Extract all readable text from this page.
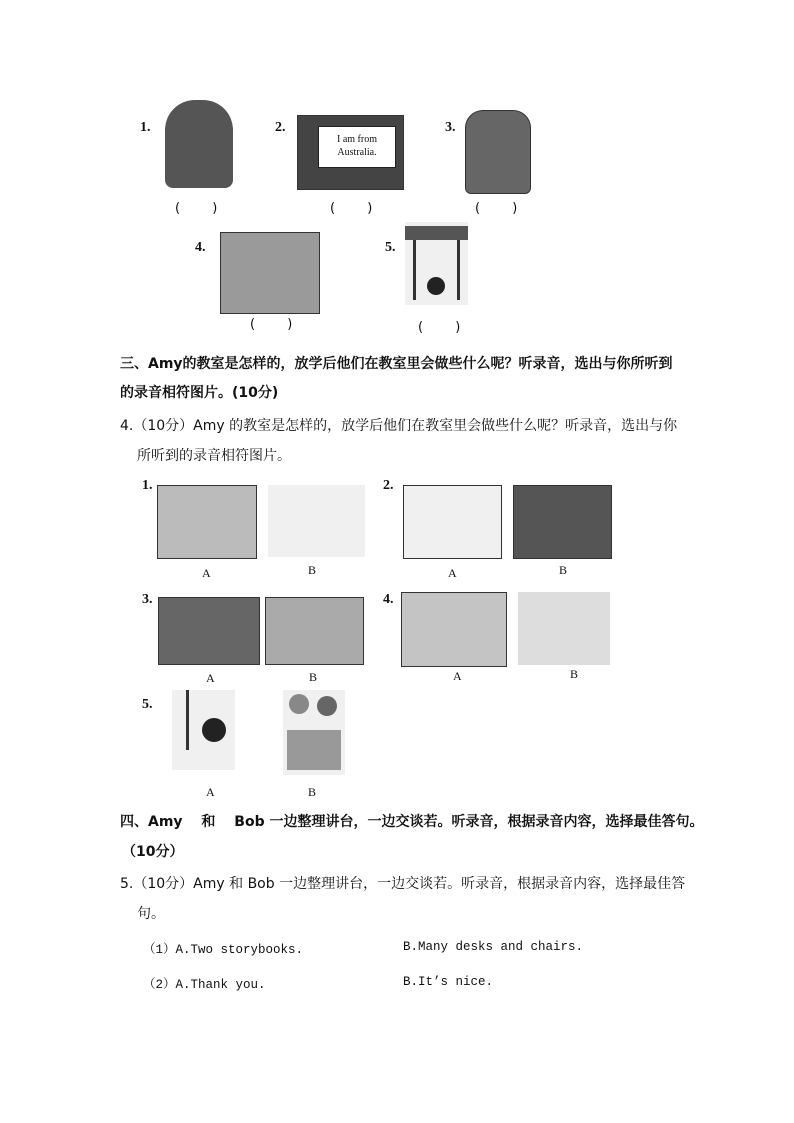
1.
( )
2.
I am from Australia.
( )
3.
( )
4.
( )
5.
( )
三、Amy的教室是怎样的，放学后他们在教室里会做些什么呢？听录音，选出与你所听到
的录音相符图片。(10分)
4.（10分）Amy 的教室是怎样的，放学后他们在教室里会做些什么呢？听录音，选出与你
所听到的录音相符图片。
1.
A	B
2.
A	B
3.
A	B
4.
A	B
5.
A	B
四、Amy　 和　 Bob 一边整理讲台，一边交谈若。听录音，根据录音内容，选择最佳答句。
（10分）
5.（10分）Amy 和 Bob 一边整理讲台，一边交谈若。听录音，根据录音内容，选择最佳答
句。
（1）A.Two storybooks.	B.Many desks and chairs.
（2）A.Thank you.	B.It’s nice.
